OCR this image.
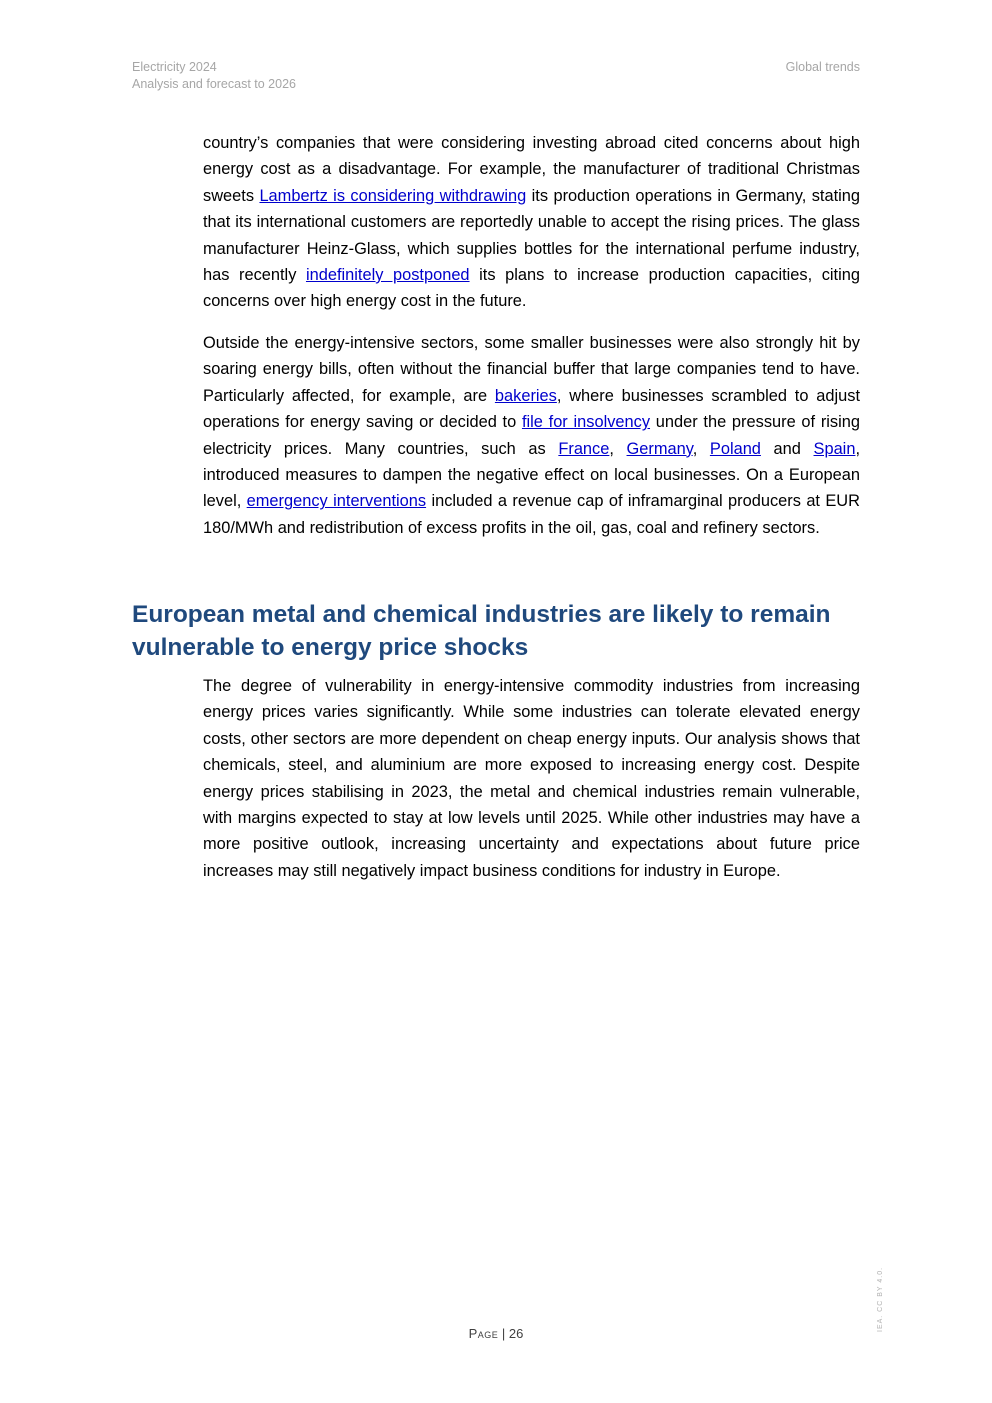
Electricity 2024
Analysis and forecast to 2026
Global trends

country’s companies that were considering investing abroad cited concerns about high energy cost as a disadvantage. For example, the manufacturer of traditional Christmas sweets Lambertz is considering withdrawing its production operations in Germany, stating that its international customers are reportedly unable to accept the rising prices. The glass manufacturer Heinz-Glass, which supplies bottles for the international perfume industry, has recently indefinitely postponed its plans to increase production capacities, citing concerns over high energy cost in the future.

Outside the energy-intensive sectors, some smaller businesses were also strongly hit by soaring energy bills, often without the financial buffer that large companies tend to have. Particularly affected, for example, are bakeries, where businesses scrambled to adjust operations for energy saving or decided to file for insolvency under the pressure of rising electricity prices. Many countries, such as France, Germany, Poland and Spain, introduced measures to dampen the negative effect on local businesses. On a European level, emergency interventions included a revenue cap of inframarginal producers at EUR 180/MWh and redistribution of excess profits in the oil, gas, coal and refinery sectors.

European metal and chemical industries are likely to remain vulnerable to energy price shocks

The degree of vulnerability in energy-intensive commodity industries from increasing energy prices varies significantly. While some industries can tolerate elevated energy costs, other sectors are more dependent on cheap energy inputs. Our analysis shows that chemicals, steel, and aluminium are more exposed to increasing energy cost. Despite energy prices stabilising in 2023, the metal and chemical industries remain vulnerable, with margins expected to stay at low levels until 2025. While other industries may have a more positive outlook, increasing uncertainty and expectations about future price increases may still negatively impact business conditions for industry in Europe.

Page | 26
IEA. CC BY 4.0.
